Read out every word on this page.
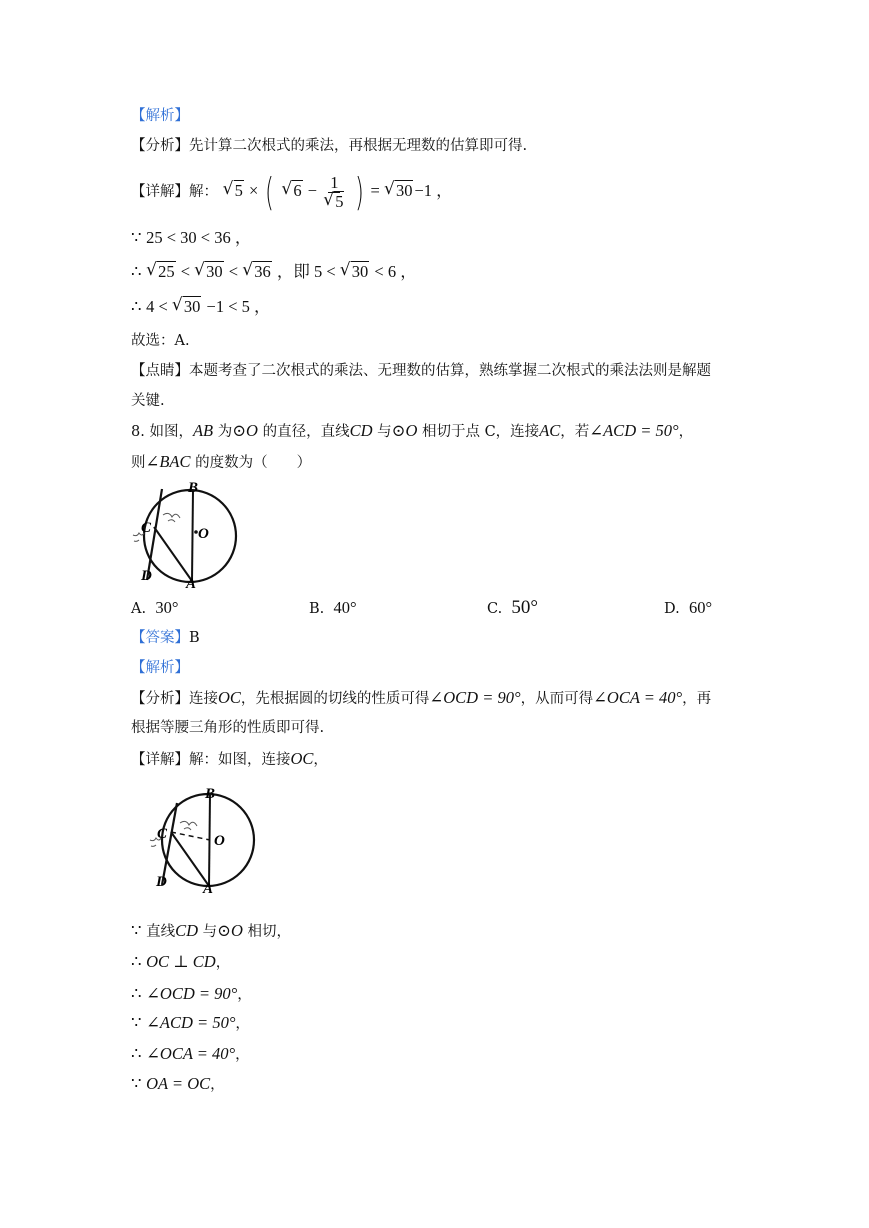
【解析】
【分析】先计算二次根式的乘法，再根据无理数的估算即可得.
【详解】解： √ 5 × ( √ 6 − 1
√ 5 ) = √ 30 −1 ，
∵ 25 < 30 < 36 ，
∴ √ 25 < √ 30 < √ 36 ，即 5 < √ 30 < 6 ，
∴ 4 < √ 30 −1 < 5 ，
故选：A.
【点睛】本题考查了二次根式的乘法、无理数的估算，熟练掌握二次根式的乘法法则是解题
关键.
8. 如图，AB 为⊙O 的直径，直线CD 与⊙O 相切于点 C，连接AC，若∠ACD = 50°，
则∠BAC 的度数为（　　）
B
C	O
D A
A. 30°	B. 40°	C. 50°	D. 60°
【答案】B
【解析】
【分析】连接OC，先根据圆的切线的性质可得∠OCD = 90°，从而可得∠OCA = 40°，再
根据等腰三角形的性质即可得.
【详解】解：如图，连接OC，
B
C	O
D A
∵ 直线CD 与⊙O 相切，
∴ OC ⊥ CD，
∴ ∠OCD = 90°，
∵ ∠ACD = 50°，
∴ ∠OCA = 40°，
∵ OA = OC，
